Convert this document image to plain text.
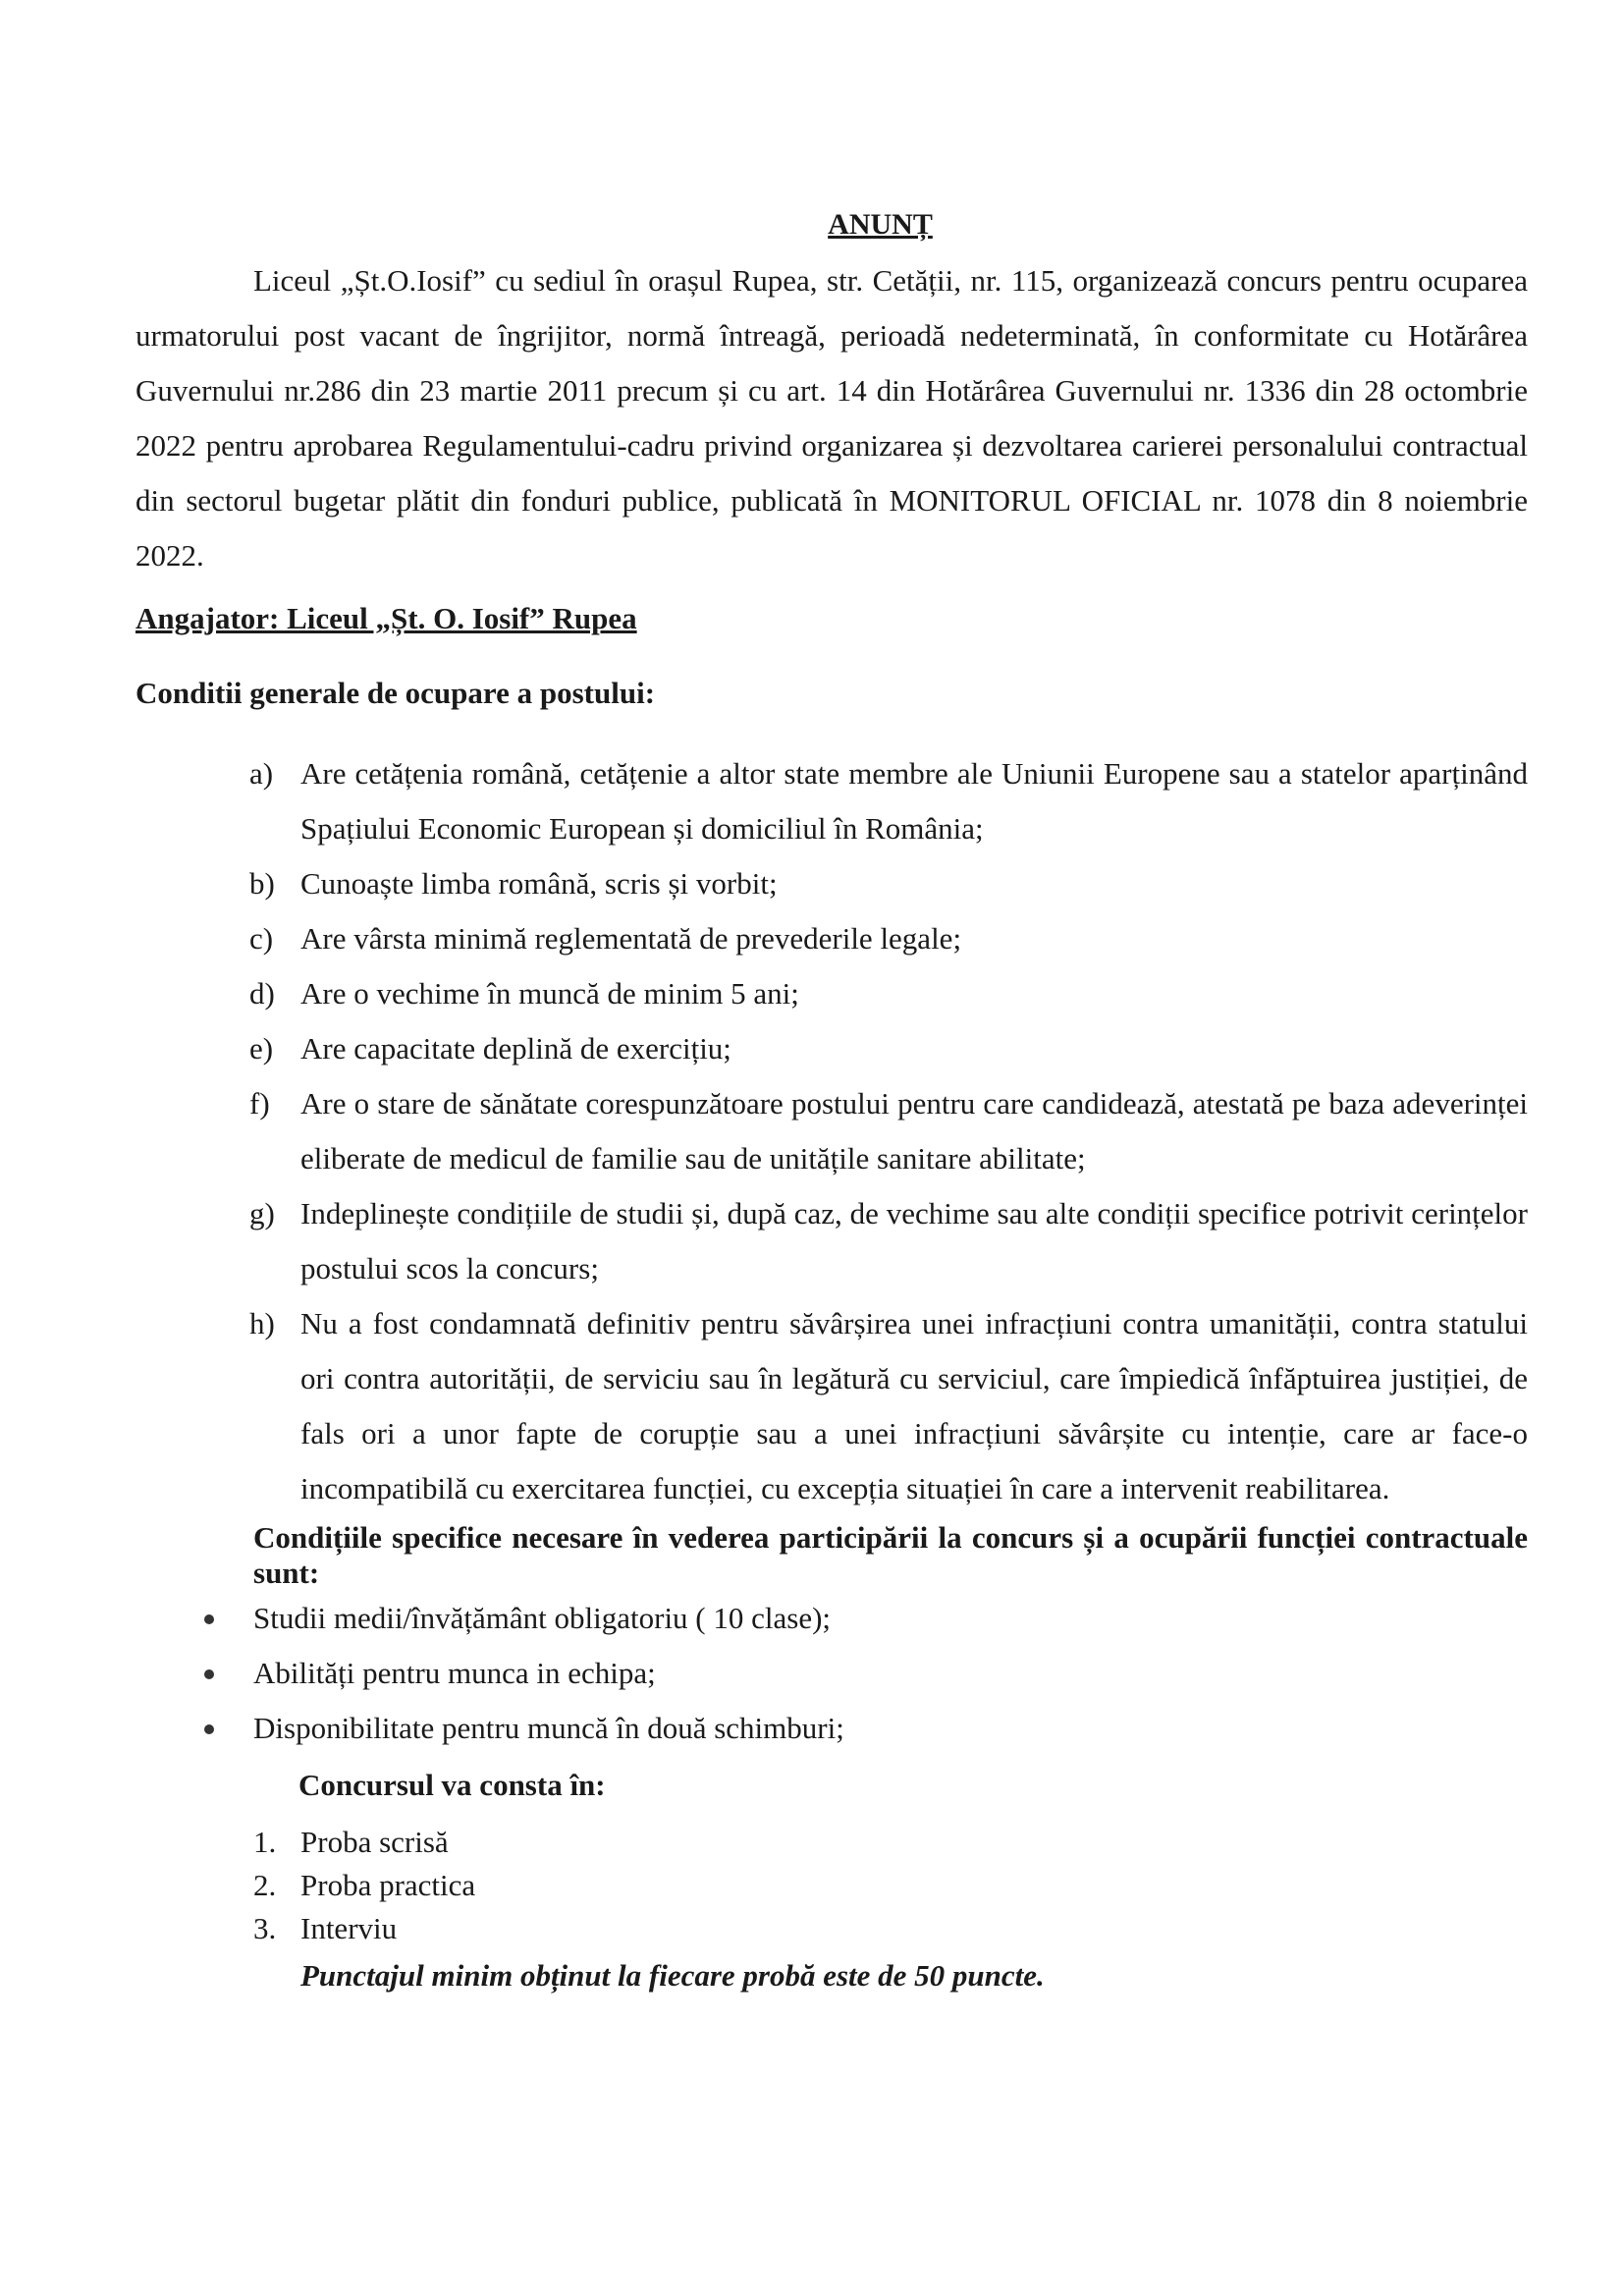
ANUNȚ
Liceul „Șt.O.Iosif” cu sediul în orașul Rupea, str. Cetății, nr. 115, organizează concurs pentru ocuparea urmatorului post vacant de îngrijitor, normă întreagă, perioadă nedeterminată, în conformitate cu Hotărârea Guvernului nr.286 din 23 martie 2011 precum și cu art. 14 din Hotărârea Guvernului nr. 1336 din 28 octombrie 2022 pentru aprobarea Regulamentului-cadru privind organizarea și dezvoltarea carierei personalului contractual din sectorul bugetar plătit din fonduri publice, publicată în MONITORUL OFICIAL nr. 1078 din 8 noiembrie 2022.
Angajator: Liceul „Șt. O. Iosif” Rupea
Conditii generale de ocupare a postului:
a) Are cetățenia română, cetățenie a altor state membre ale Uniunii Europene sau a statelor aparținând Spațiului Economic European și domiciliul în România;
b) Cunoaște limba română, scris și vorbit;
c) Are vârsta minimă reglementată de prevederile legale;
d) Are o vechime în muncă de minim 5 ani;
e) Are capacitate deplină de exercițiu;
f) Are o stare de sănătate corespunzătoare postului pentru care candidează, atestată pe baza adeverinței eliberate de medicul de familie sau de unitățile sanitare abilitate;
g) Indeplinește condițiile de studii și, după caz, de vechime sau alte condiții specifice potrivit cerințelor postului scos la concurs;
h) Nu a fost condamnată definitiv pentru săvârșirea unei infracțiuni contra umanității, contra statului ori contra autorității, de serviciu sau în legătură cu serviciul, care împiedică înfăptuirea justiției, de fals ori a unor fapte de corupție sau a unei infracțiuni săvârșite cu intenție, care ar face-o incompatibilă cu exercitarea funcției, cu excepția situației în care a intervenit reabilitarea.
Condițiile specifice necesare în vederea participării la concurs și a ocupării funcției contractuale sunt:
Studii medii/învățământ obligatoriu ( 10 clase);
Abilități pentru munca in echipa;
Disponibilitate pentru muncă în două schimburi;
Concursul va consta în:
1. Proba scrisă
2. Proba practica
3. Interviu
Punctajul minim obținut la fiecare probă este de 50 puncte.
